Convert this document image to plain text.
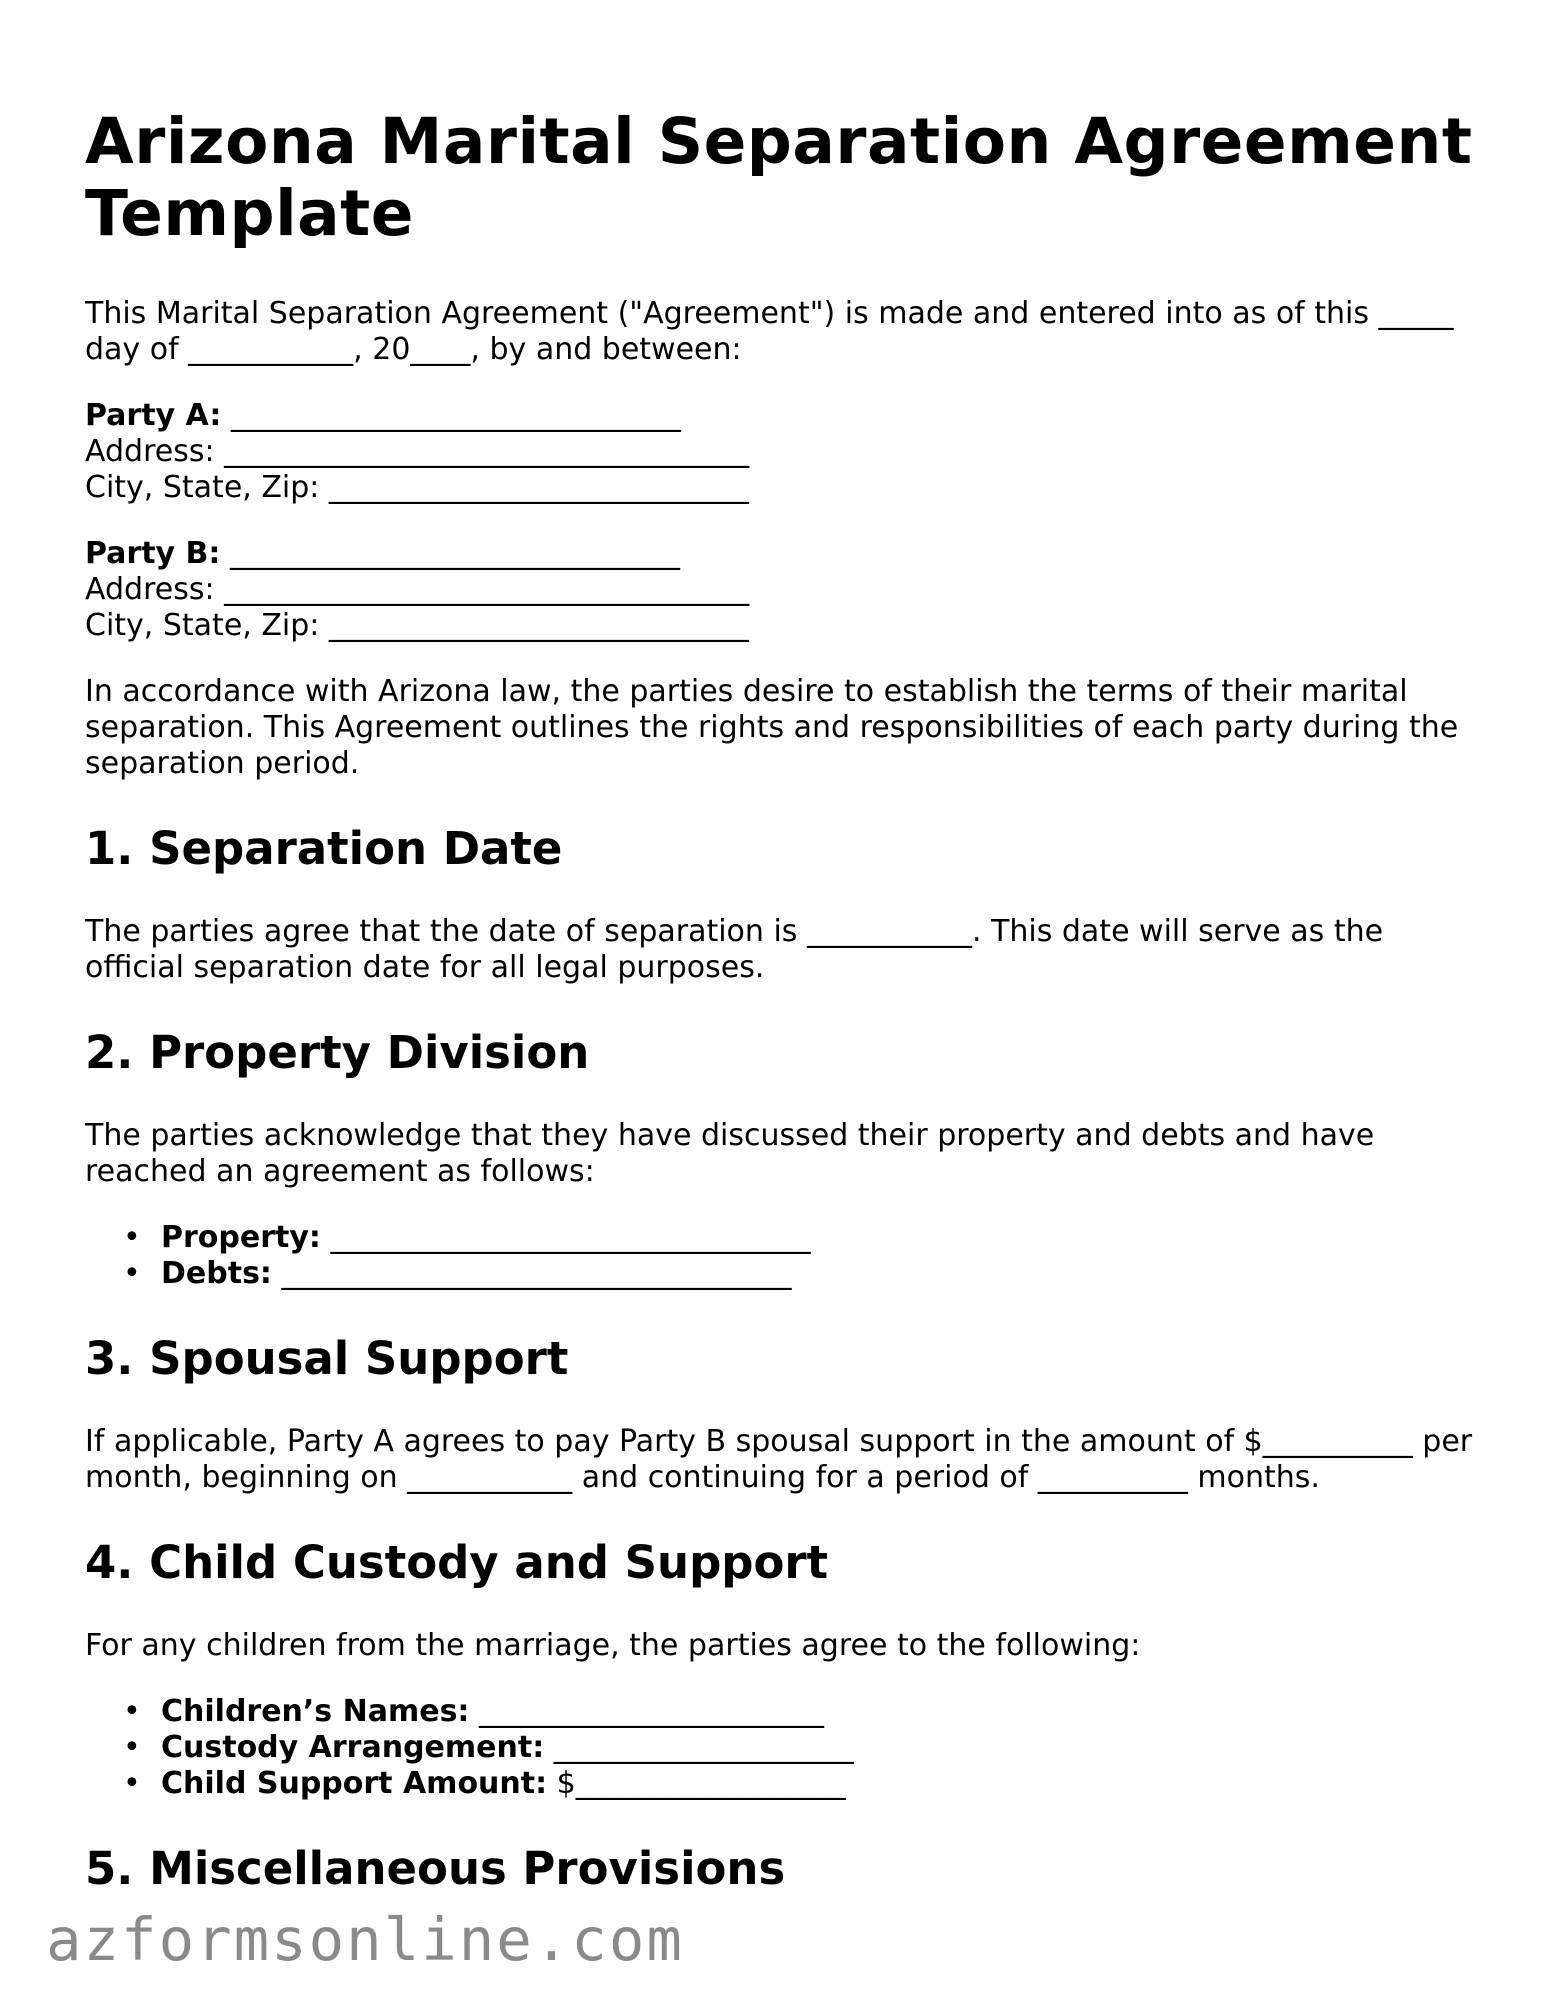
Arizona Marital Separation Agreement Template

This Marital Separation Agreement ("Agreement") is made and entered into as of this _____ day of ___________, 20____, by and between:

Party A: ______________________________
Address: ___________________________________
City, State, Zip: ____________________________
Party B: ______________________________
Address: ___________________________________
City, State, Zip: ____________________________

In accordance with Arizona law, the parties desire to establish the terms of their marital separation. This Agreement outlines the rights and responsibilities of each party during the separation period.

1. Separation Date

The parties agree that the date of separation is ___________. This date will serve as the official separation date for all legal purposes.

2. Property Division

The parties acknowledge that they have discussed their property and debts and have reached an agreement as follows:

• Property: ________________________________
• Debts: __________________________________
3. Spousal Support

If applicable, Party A agrees to pay Party B spousal support in the amount of $__________ per month, beginning on ___________ and continuing for a period of __________ months.

4. Child Custody and Support

For any children from the marriage, the parties agree to the following:

• Children’s Names: _______________________
• Custody Arrangement: ____________________
• Child Support Amount: $__________________
5. Miscellaneous Provisions
azformsonline.com
